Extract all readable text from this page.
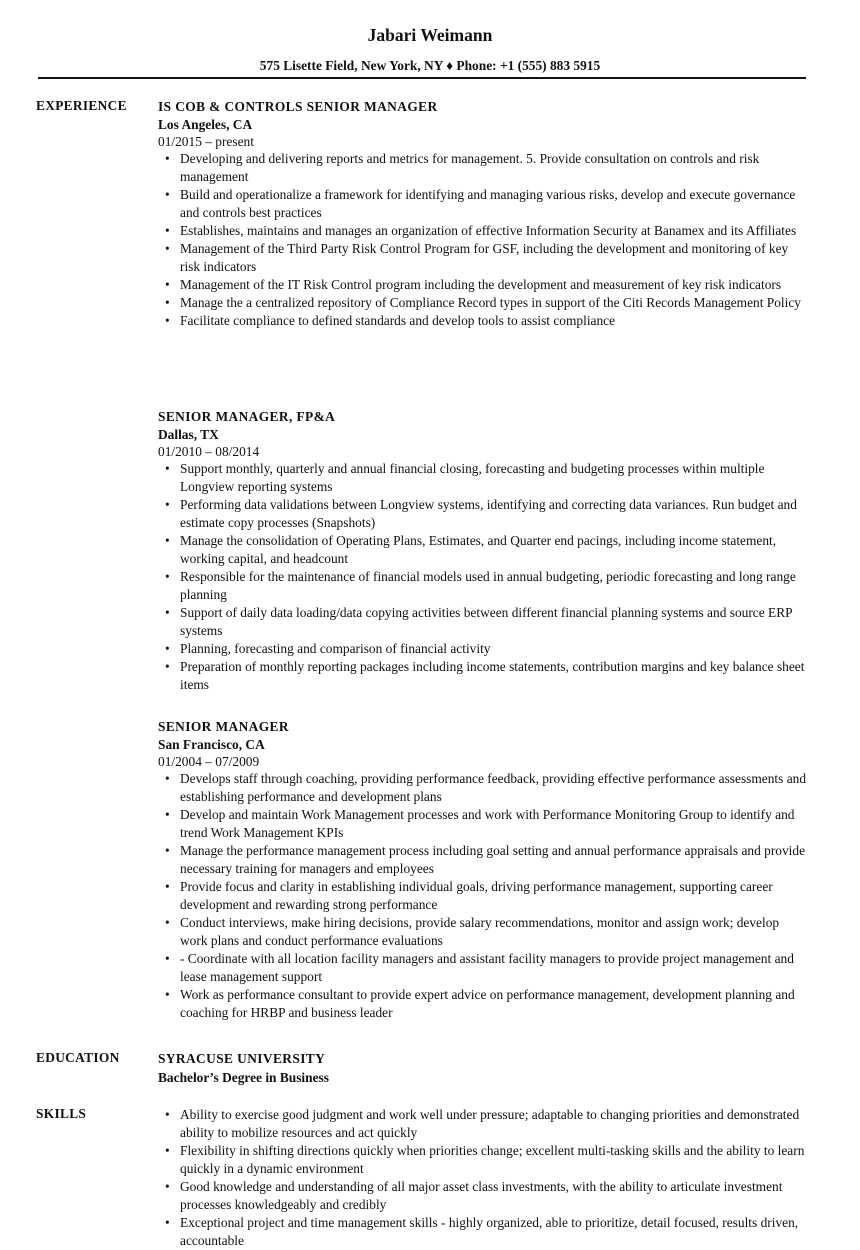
Jabari Weimann
575 Lisette Field, New York, NY ♦ Phone: +1 (555) 883 5915
EXPERIENCE IS COB & CONTROLS SENIOR MANAGER
Los Angeles, CA
01/2015 – present
• Developing and delivering reports and metrics for management. 5. Provide consultation on controls and risk management
• Build and operationalize a framework for identifying and managing various risks, develop and execute governance and controls best practices
• Establishes, maintains and manages an organization of effective Information Security at Banamex and its Affiliates
• Management of the Third Party Risk Control Program for GSF, including the development and monitoring of key risk indicators
• Management of the IT Risk Control program including the development and measurement of key risk indicators
• Manage the a centralized repository of Compliance Record types in support of the Citi Records Management Policy
• Facilitate compliance to defined standards and develop tools to assist compliance
SENIOR MANAGER, FP&A
Dallas, TX
01/2010 – 08/2014
• Support monthly, quarterly and annual financial closing, forecasting and budgeting processes within multiple Longview reporting systems
• Performing data validations between Longview systems, identifying and correcting data variances. Run budget and estimate copy processes (Snapshots)
• Manage the consolidation of Operating Plans, Estimates, and Quarter end pacings, including income statement, working capital, and headcount
• Responsible for the maintenance of financial models used in annual budgeting, periodic forecasting and long range planning
• Support of daily data loading/data copying activities between different financial planning systems and source ERP systems
• Planning, forecasting and comparison of financial activity
• Preparation of monthly reporting packages including income statements, contribution margins and key balance sheet items
SENIOR MANAGER
San Francisco, CA
01/2004 – 07/2009
• Develops staff through coaching, providing performance feedback, providing effective performance assessments and establishing performance and development plans
• Develop and maintain Work Management processes and work with Performance Monitoring Group to identify and trend Work Management KPIs
• Manage the performance management process including goal setting and annual performance appraisals and provide necessary training for managers and employees
• Provide focus and clarity in establishing individual goals, driving performance management, supporting career development and rewarding strong performance
• Conduct interviews, make hiring decisions, provide salary recommendations, monitor and assign work; develop work plans and conduct performance evaluations
• - Coordinate with all location facility managers and assistant facility managers to provide project management and lease management support
• Work as performance consultant to provide expert advice on performance management, development planning and coaching for HRBP and business leader
EDUCATION	SYRACUSE UNIVERSITY
Bachelor’s Degree in Business
SKILLS	• Ability to exercise good judgment and work well under pressure; adaptable to changing priorities and demonstrated ability to mobilize resources and act quickly
• Flexibility in shifting directions quickly when priorities change; excellent multi-tasking skills and the ability to learn quickly in a dynamic environment
• Good knowledge and understanding of all major asset class investments, with the ability to articulate investment processes knowledgeably and credibly
• Exceptional project and time management skills - highly organized, able to prioritize, detail focused, results driven, accountable
